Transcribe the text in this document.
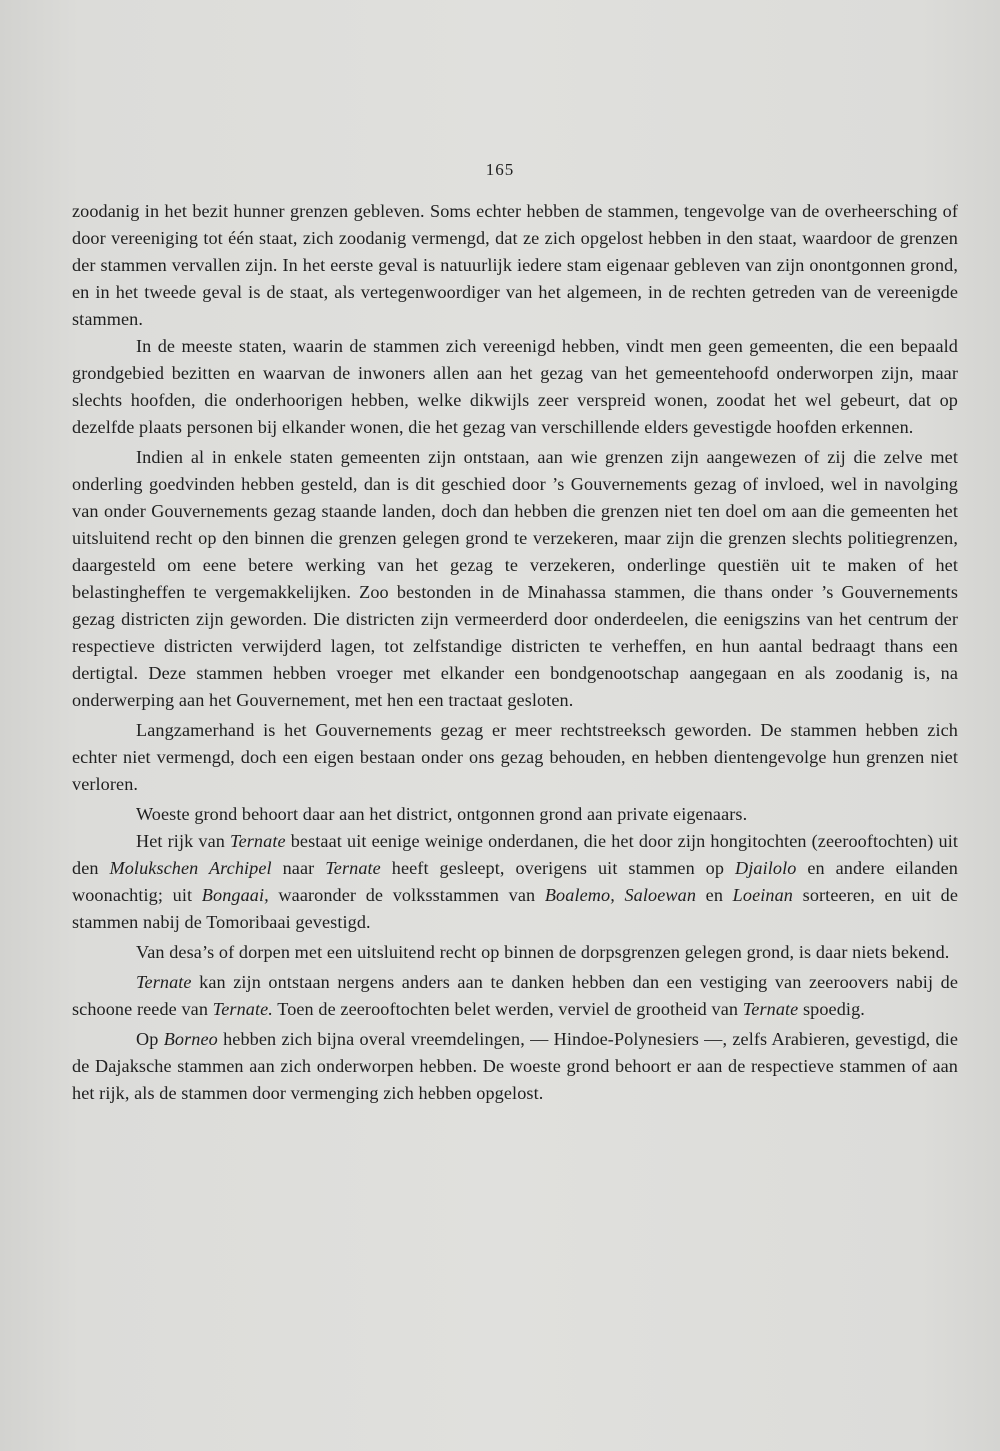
165

zoodanig in het bezit hunner grenzen gebleven. Soms echter hebben de stammen, tengevolge van de overheersching of door vereeniging tot één staat, zich zoodanig vermengd, dat ze zich opgelost hebben in den staat, waardoor de grenzen der stammen vervallen zijn. In het eerste geval is natuurlijk iedere stam eigenaar gebleven van zijn onontgonnen grond, en in het tweede geval is de staat, als vertegenwoordiger van het algemeen, in de rechten getreden van de vereenigde stammen.

In de meeste staten, waarin de stammen zich vereenigd hebben, vindt men geen gemeenten, die een bepaald grondgebied bezitten en waarvan de inwoners allen aan het gezag van het gemeentehoofd onderworpen zijn, maar slechts hoofden, die onderhoorigen hebben, welke dikwijls zeer verspreid wonen, zoodat het wel gebeurt, dat op dezelfde plaats personen bij elkander wonen, die het gezag van verschillende elders gevestigde hoofden erkennen.

Indien al in enkele staten gemeenten zijn ontstaan, aan wie grenzen zijn aangewezen of zij die zelve met onderling goedvinden hebben gesteld, dan is dit geschied door ’s Gouvernements gezag of invloed, wel in navolging van onder Gouvernements gezag staande landen, doch dan hebben die grenzen niet ten doel om aan die gemeenten het uitsluitend recht op den binnen die grenzen gelegen grond te verzekeren, maar zijn die grenzen slechts politiegrenzen, daargesteld om eene betere werking van het gezag te verzekeren, onderlinge questiën uit te maken of het belastingheffen te vergemakkelijken. Zoo bestonden in de Minahassa stammen, die thans onder ’s Gouvernements gezag districten zijn geworden. Die districten zijn vermeerderd door onderdeelen, die eenigszins van het centrum der respectieve districten verwijderd lagen, tot zelfstandige districten te verheffen, en hun aantal bedraagt thans een dertigtal. Deze stammen hebben vroeger met elkander een bondgenootschap aangegaan en als zoodanig is, na onderwerping aan het Gouvernement, met hen een tractaat gesloten.

Langzamerhand is het Gouvernements gezag er meer rechtstreeksch geworden. De stammen hebben zich echter niet vermengd, doch een eigen bestaan onder ons gezag behouden, en hebben dientengevolge hun grenzen niet verloren.

Woeste grond behoort daar aan het district, ontgonnen grond aan private eigenaars.

Het rijk van Ternate bestaat uit eenige weinige onderdanen, die het door zijn hongitochten (zeerooftochten) uit den Molukschen Archipel naar Ternate heeft gesleept, overigens uit stammen op Djailolo en andere eilanden woonachtig; uit Bongaai, waaronder de volksstammen van Boalemo, Saloewan en Loeinan sorteeren, en uit de stammen nabij de Tomoribaai gevestigd.

Van desa’s of dorpen met een uitsluitend recht op binnen de dorpsgrenzen gelegen grond, is daar niets bekend.

Ternate kan zijn ontstaan nergens anders aan te danken hebben dan een vestiging van zeeroovers nabij de schoone reede van Ternate. Toen de zeerooftochten belet werden, verviel de grootheid van Ternate spoedig.

Op Borneo hebben zich bijna overal vreemdelingen, — Hindoe-Polynesiers —, zelfs Arabieren, gevestigd, die de Dajaksche stammen aan zich onderworpen hebben. De woeste grond behoort er aan de respectieve stammen of aan het rijk, als de stammen door vermenging zich hebben opgelost.
